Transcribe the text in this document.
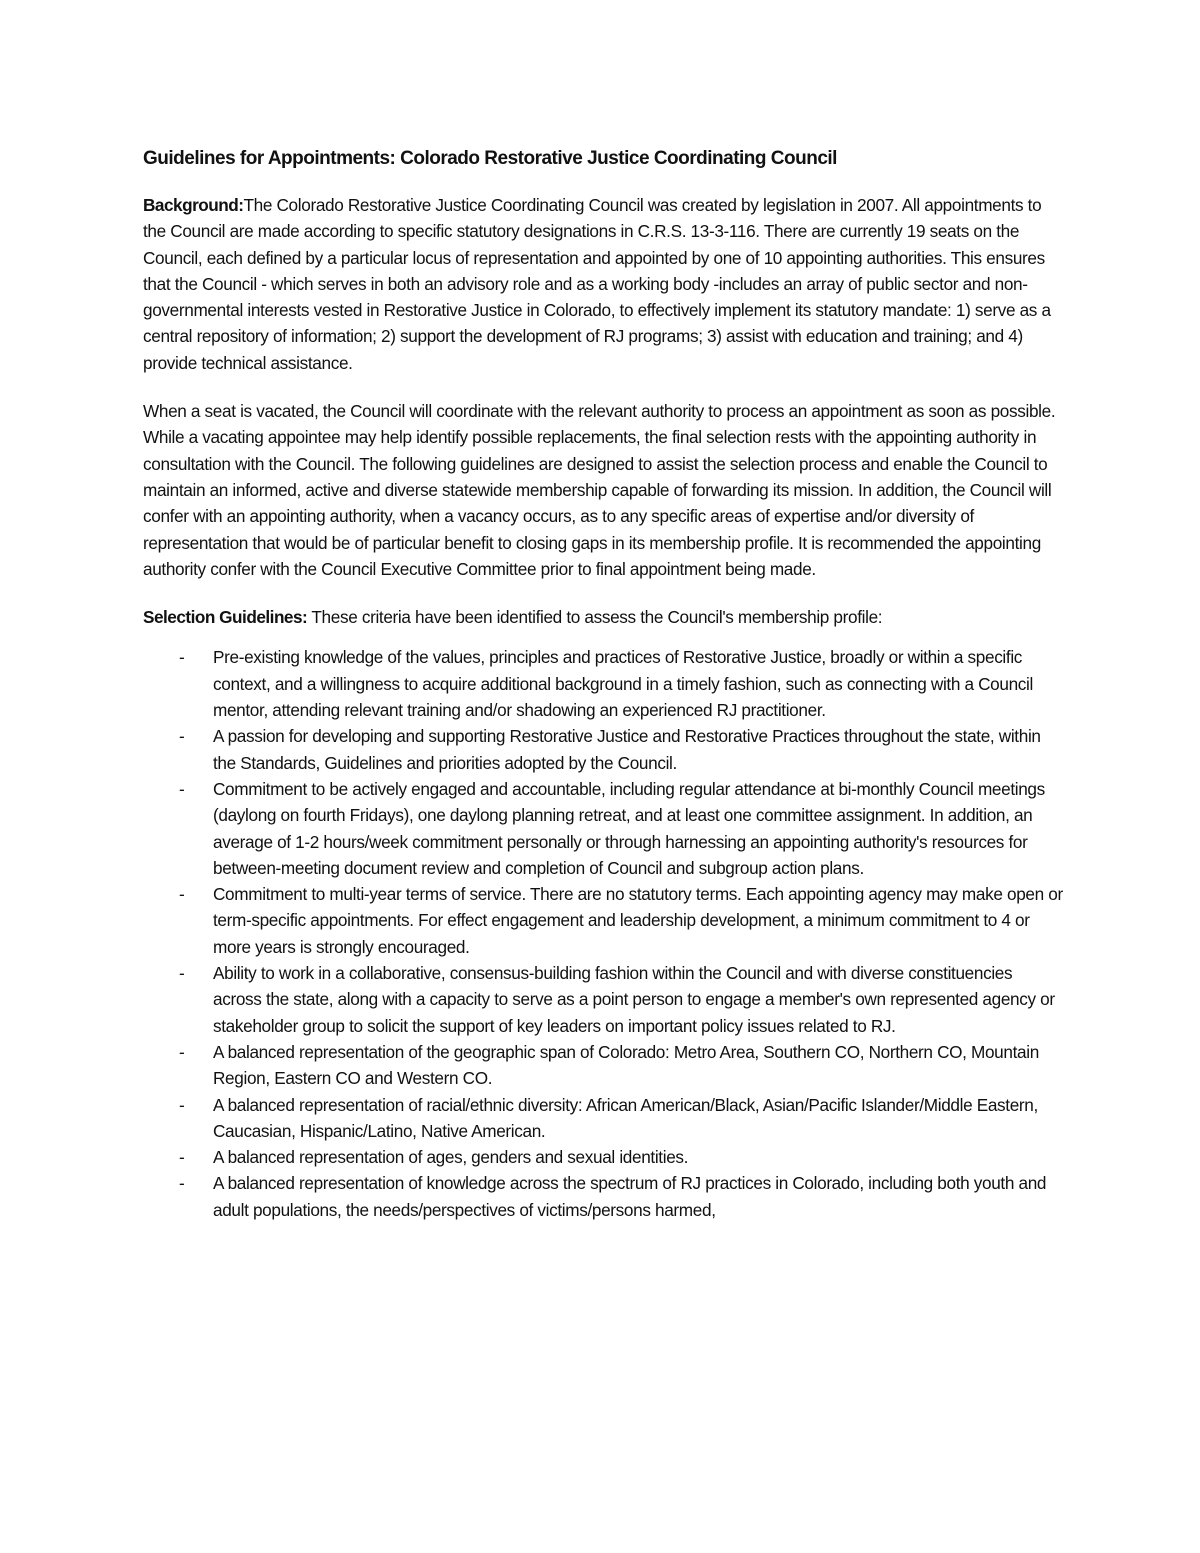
Guidelines for Appointments: Colorado Restorative Justice Coordinating Council

Background:The Colorado Restorative Justice Coordinating Council was created by legislation in 2007. All appointments to the Council are made according to specific statutory designations in C.R.S. 13-3-116. There are currently 19 seats on the Council, each defined by a particular locus of representation and appointed by one of 10 appointing authorities. This ensures that the Council - which serves in both an advisory role and as a working body -includes an array of public sector and non-governmental interests vested in Restorative Justice in Colorado, to effectively implement its statutory mandate: 1) serve as a central repository of information; 2) support the development of RJ programs; 3) assist with education and training; and 4) provide technical assistance.

When a seat is vacated, the Council will coordinate with the relevant authority to process an appointment as soon as possible. While a vacating appointee may help identify possible replacements, the final selection rests with the appointing authority in consultation with the Council. The following guidelines are designed to assist the selection process and enable the Council to maintain an informed, active and diverse statewide membership capable of forwarding its mission. In addition, the Council will confer with an appointing authority, when a vacancy occurs, as to any specific areas of expertise and/or diversity of representation that would be of particular benefit to closing gaps in its membership profile. It is recommended the appointing authority confer with the Council Executive Committee prior to final appointment being made.

Selection Guidelines: These criteria have been identified to assess the Council's membership profile:

-	Pre-existing knowledge of the values, principles and practices of Restorative Justice, broadly or within a specific context, and a willingness to acquire additional background in a timely fashion, such as connecting with a Council mentor, attending relevant training and/or shadowing an experienced RJ practitioner.
-	A passion for developing and supporting Restorative Justice and Restorative Practices throughout the state, within the Standards, Guidelines and priorities adopted by the Council.
-	Commitment to be actively engaged and accountable, including regular attendance at bi-monthly Council meetings (daylong on fourth Fridays), one daylong planning retreat, and at least one committee assignment. In addition, an average of 1-2 hours/week commitment personally or through harnessing an appointing authority's resources for between-meeting document review and completion of Council and subgroup action plans.
-	Commitment to multi-year terms of service. There are no statutory terms. Each appointing agency may make open or term-specific appointments. For effect engagement and leadership development, a minimum commitment to 4 or more years is strongly encouraged.
-	Ability to work in a collaborative, consensus-building fashion within the Council and with diverse constituencies across the state, along with a capacity to serve as a point person to engage a member's own represented agency or stakeholder group to solicit the support of key leaders on important policy issues related to RJ.
-	A balanced representation of the geographic span of Colorado: Metro Area, Southern CO, Northern CO, Mountain Region, Eastern CO and Western CO.
-	A balanced representation of racial/ethnic diversity: African American/Black, Asian/Pacific Islander/Middle Eastern, Caucasian, Hispanic/Latino, Native American.
-	A balanced representation of ages, genders and sexual identities.
-	A balanced representation of knowledge across the spectrum of RJ practices in Colorado, including both youth and adult populations, the needs/perspectives of victims/persons harmed,
